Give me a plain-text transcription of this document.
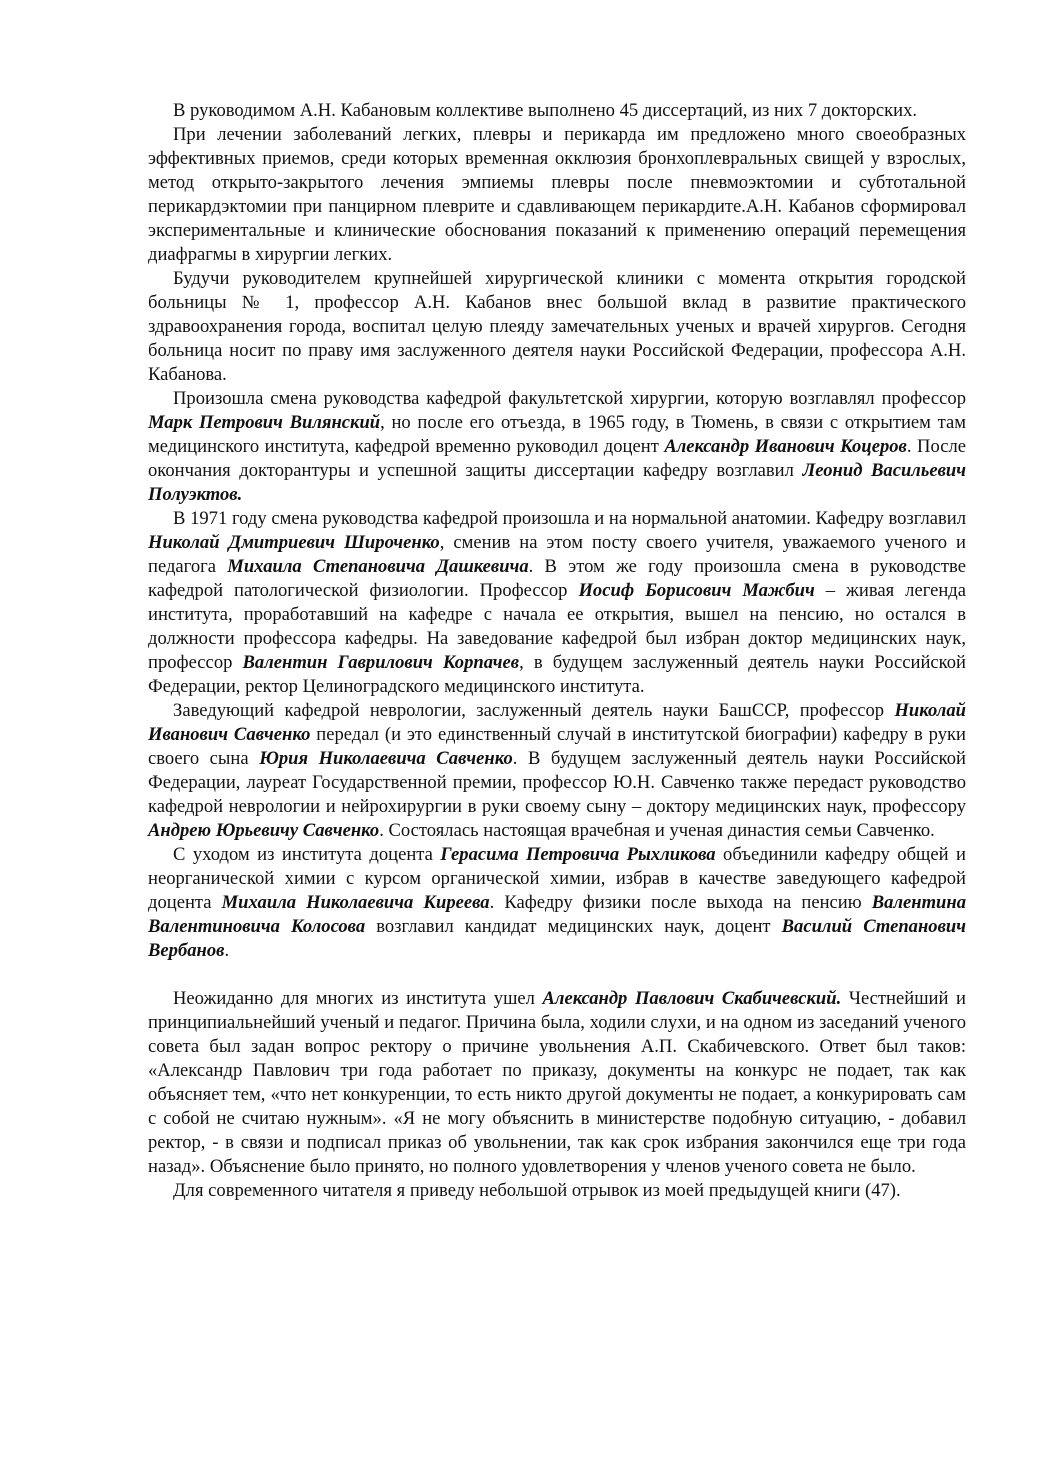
В руководимом А.Н. Кабановым коллективе выполнено 45 диссертаций, из них 7 докторских.

При лечении заболеваний легких, плевры и перикарда им предложено много своеобразных эффективных приемов, среди которых временная окклюзия бронхоплевральных свищей у взрослых, метод открыто-закрытого лечения эмпиемы плевры после пневмоэктомии и субтотальной перикардэктомии при панцирном плеврите и сдавливающем перикардите.А.Н. Кабанов сформировал экспериментальные и клинические обоснования показаний к применению операций перемещения диафрагмы в хирургии легких.

Будучи руководителем крупнейшей хирургической клиники с момента открытия городской больницы № 1, профессор А.Н. Кабанов внес большой вклад в развитие практического здравоохранения города, воспитал целую плеяду замечательных ученых и врачей хирургов. Сегодня больница носит по праву имя заслуженного деятеля науки Российской Федерации, профессора А.Н. Кабанова.

Произошла смена руководства кафедрой факультетской хирургии, которую возглавлял профессор Марк Петрович Вилянский, но после его отъезда, в 1965 году, в Тюмень, в связи с открытием там медицинского института, кафедрой временно руководил доцент Александр Иванович Коцеров. После окончания докторантуры и успешной защиты диссертации кафедру возглавил Леонид Васильевич Полуэктов.

В 1971 году смена руководства кафедрой произошла и на нормальной анатомии. Кафедру возглавил Николай Дмитриевич Широченко, сменив на этом посту своего учителя, уважаемого ученого и педагога Михаила Степановича Дашкевича. В этом же году произошла смена в руководстве кафедрой патологической физиологии. Профессор Иосиф Борисович Мажбич – живая легенда института, проработавший на кафедре с начала ее открытия, вышел на пенсию, но остался в должности профессора кафедры. На заведование кафедрой был избран доктор медицинских наук, профессор Валентин Гаврилович Корпачев, в будущем заслуженный деятель науки Российской Федерации, ректор Целиноградского медицинского института.

Заведующий кафедрой неврологии, заслуженный деятель науки БашССР, профессор Николай Иванович Савченко передал (и это единственный случай в институтской биографии) кафедру в руки своего сына Юрия Николаевича Савченко. В будущем заслуженный деятель науки Российской Федерации, лауреат Государственной премии, профессор Ю.Н. Савченко также передаст руководство кафедрой неврологии и нейрохирургии в руки своему сыну – доктору медицинских наук, профессору Андрею Юрьевичу Савченко. Состоялась настоящая врачебная и ученая династия семьи Савченко.

С уходом из института доцента Герасима Петровича Рыхликова объединили кафедру общей и неорганической химии с курсом органической химии, избрав в качестве заведующего кафедрой доцента Михаила Николаевича Киреева. Кафедру физики после выхода на пенсию Валентина Валентиновича Колосова возглавил кандидат медицинских наук, доцент Василий Степанович Вербанов.

Неожиданно для многих из института ушел Александр Павлович Скабичевский. Честнейший и принципиальнейший ученый и педагог. Причина была, ходили слухи, и на одном из заседаний ученого совета был задан вопрос ректору о причине увольнения А.П. Скабичевского. Ответ был таков: «Александр Павлович три года работает по приказу, документы на конкурс не подает, так как объясняет тем, «что нет конкуренции, то есть никто другой документы не подает, а конкурировать сам с собой не считаю нужным». «Я не могу объяснить в министерстве подобную ситуацию, - добавил ректор, - в связи и подписал приказ об увольнении, так как срок избрания закончился еще три года назад». Объяснение было принято, но полного удовлетворения у членов ученого совета не было.

Для современного читателя я приведу небольшой отрывок из моей предыдущей книги (47).
